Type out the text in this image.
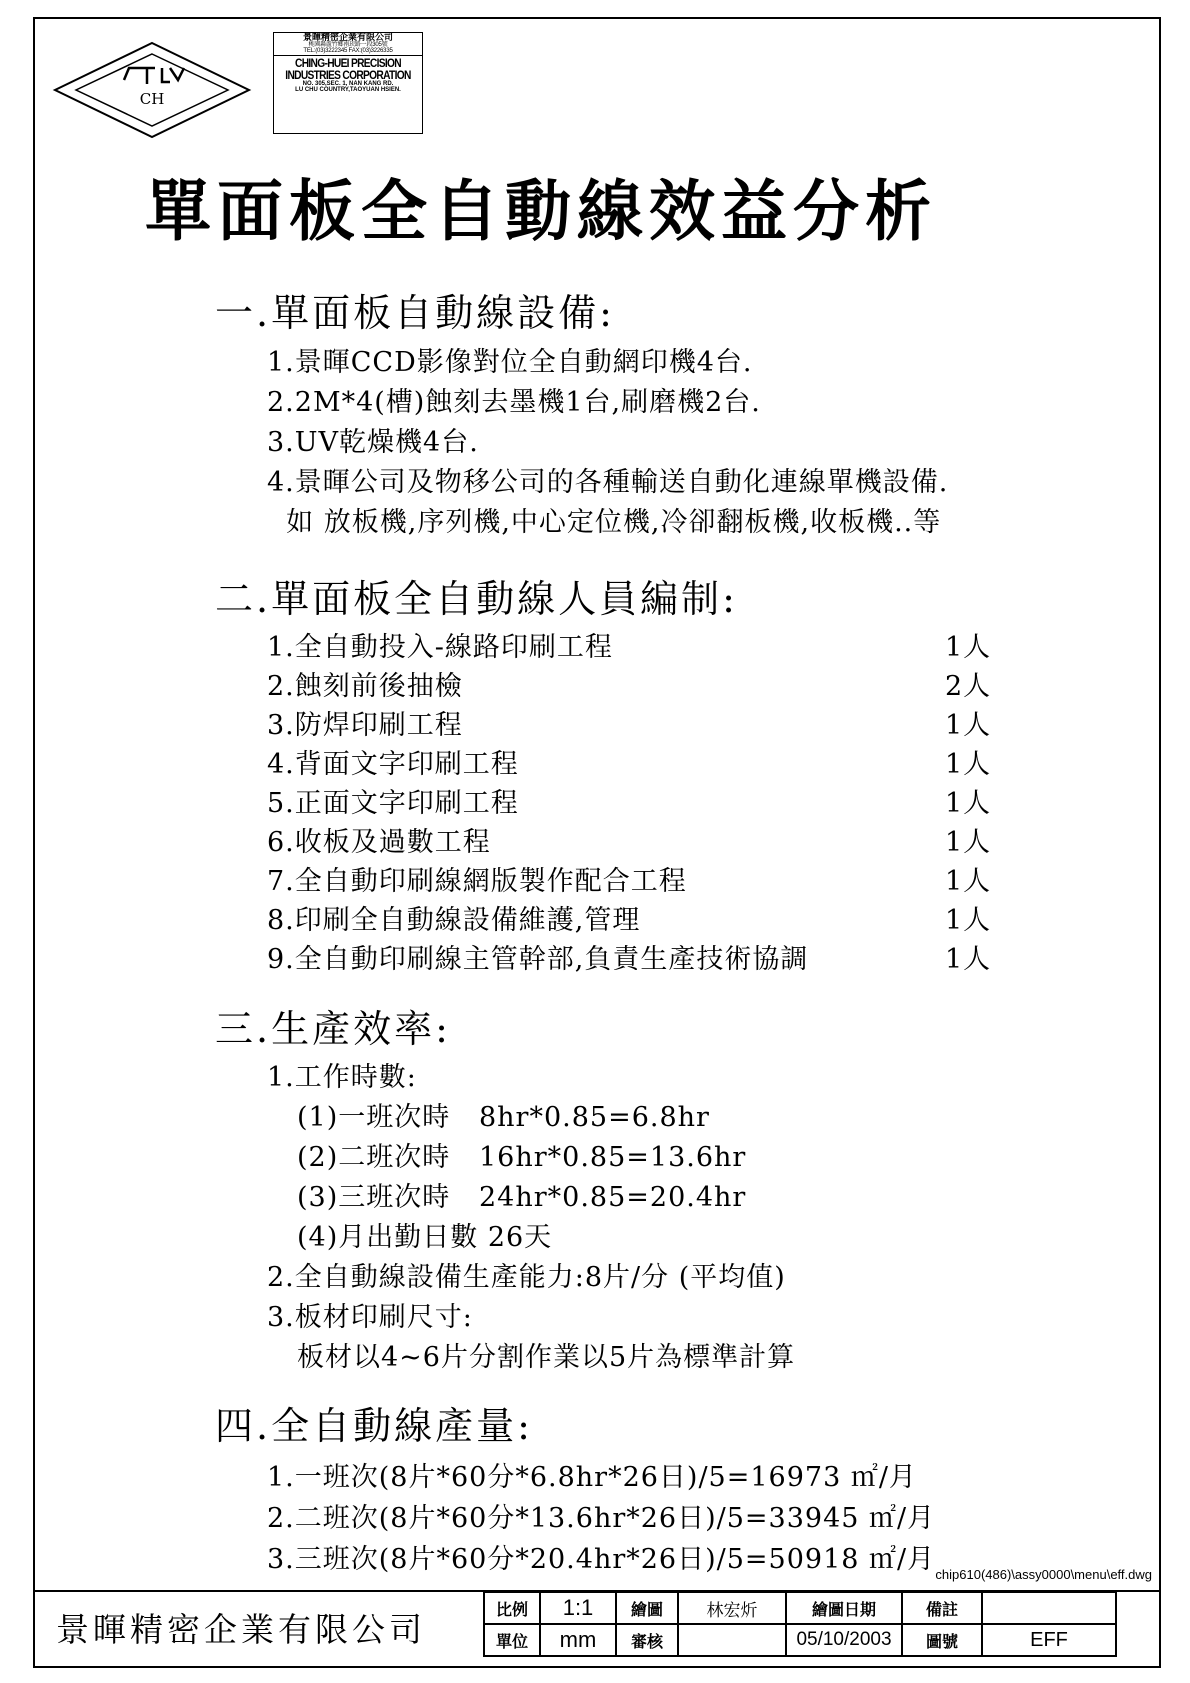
CH
景暉精密企業有限公司
桃園縣蘆竹鄉南崁路一段305號
TEL:(03)3222345 FAX:(03)3226335
CHING-HUEI PRECISION
INDUSTRIES CORPORATION
NO. 305,SEC. 1, NAN KANG RD.
LU CHU COUNTRY,TAOYUAN HSIEN.
單面板全自動線效益分析
一.單面板自動線設備:
1.景暉CCD影像對位全自動網印機4台.
2.2M*4(槽)蝕刻去墨機1台,刷磨機2台.
3.UV乾燥機4台.
4.景暉公司及物移公司的各種輸送自動化連線單機設備.
如 放板機,序列機,中心定位機,冷卻翻板機,收板機..等
二.單面板全自動線人員編制:
1.全自動投入-線路印刷工程	1人
2.蝕刻前後抽檢	2人
3.防焊印刷工程	1人
4.背面文字印刷工程	1人
5.正面文字印刷工程	1人
6.收板及過數工程	1人
7.全自動印刷線網版製作配合工程	1人
8.印刷全自動線設備維護,管理	1人
9.全自動印刷線主管幹部,負責生產技術協調	1人
三.生產效率:
1.工作時數:
(1)一班次時   8hr*0.85=6.8hr
(2)二班次時   16hr*0.85=13.6hr
(3)三班次時   24hr*0.85=20.4hr
(4)月出勤日數 26天
2.全自動線設備生產能力:8片/分 (平均值)
3.板材印刷尺寸:
板材以4~6片分割作業以5片為標準計算
四.全自動線產量:
1.一班次(8片*60分*6.8hr*26日)/5=16973 ㎡/月
2.二班次(8片*60分*13.6hr*26日)/5=33945 ㎡/月
3.三班次(8片*60分*20.4hr*26日)/5=50918 ㎡/月 chip610(486)\assy0000\menu\eff.dwg
景暉精密企業有限公司	比例	1:1	繪圖	林宏炘	繪圖日期	備註	
單位	mm	審核		05/10/2003	圖號	EFF
